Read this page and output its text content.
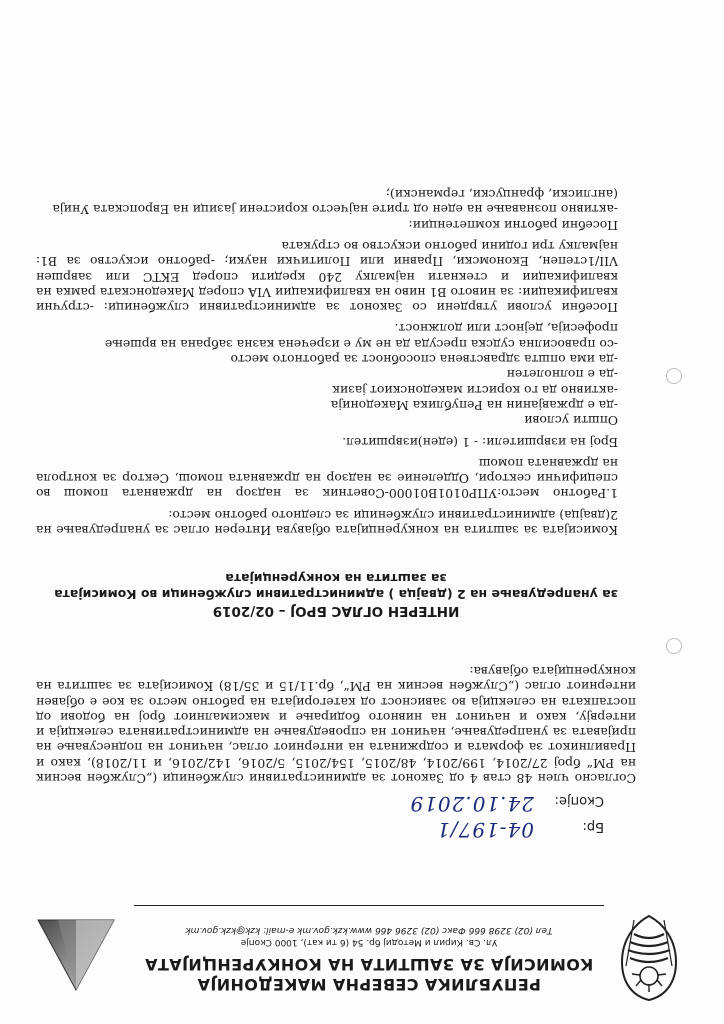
РЕПУБЛИКА СЕВЕРНА МАКЕДОНИЈА
КОМИСИЈА ЗА ЗАШТИТА НА КОНКУРЕНЦИЈАТА
Ул. Св. Кирил и Методиј бр. 54 (6 ти кат), 1000 Скопје
Тел (02) 3298 666 Факс (02) 3296 466 www.kzk.gov.mk e-mail: kzk@kzk.gov.mk
Бр:
04-197/1
Скопје:
24.10.2019
Согласно член 48 став 4 од Законот за административни службеници („Службен весник на РМ“ број 27/2014, 199/2014, 48/2015, 154/2015, 5/2016, 142/2016, и 11/2018), како и Правилникот за формата и содржината на интерниот оглас, начинот на поднесување на пријавата за унапредување, начинот на спроведување на административната селекција и интервју, како и начинот на нивното бодирање и максималниот број на бодови од постапката на селекција во зависност од категоријата на работно место за кое е објавен интерниот оглас („Службен весник на РМ“, бр.11/15 и 35/18) Комисијата за заштита на конкуренцијата објавува:
ИНТЕРЕН ОГЛАС БРОЈ – 02/2019
за унапредување на 2 (двајца ) административни службеници во Комисијата
за заштита на конкуренцијата

Комисијата за заштита на конкуренцијата објавува Интерен оглас за унапредување на 2(двајца) административни службеници за следното работно место:

1.Работно место:УПР0101B01000-Советник за надзор на државната помош во специфични сектори, Одделение за надзор на државната помош, Сектор за контрола на државната помош

Број на извршители: - 1 (еден)извршител.

Општи услови
-да е државјанин на Република Македонија
-активно да го користи македонскиот јазик
-да е полнолетен
-да има општа здравствена способност за работното место
-со правосилна судска пресуда да не му е изречена казна забрана на вршење професија, дејност или должност.

Посебни услови утврдени со Законот за административни службеници: -стручни квалификации: за нивото В1 ниво на квалификации VIA според Македонската рамка на квалификации и стекнати најмалку 240 кредити според ЕКТС или завршен VII/1степен, Економски, Правни или Политички науки; -работно искуство за В1: најмалку три години работно искуство во струката

Посебни работни компетенции:
-активно познавање на еден од трите најчесто користени јазици на Европската Унија (англиски, француски, германски);
